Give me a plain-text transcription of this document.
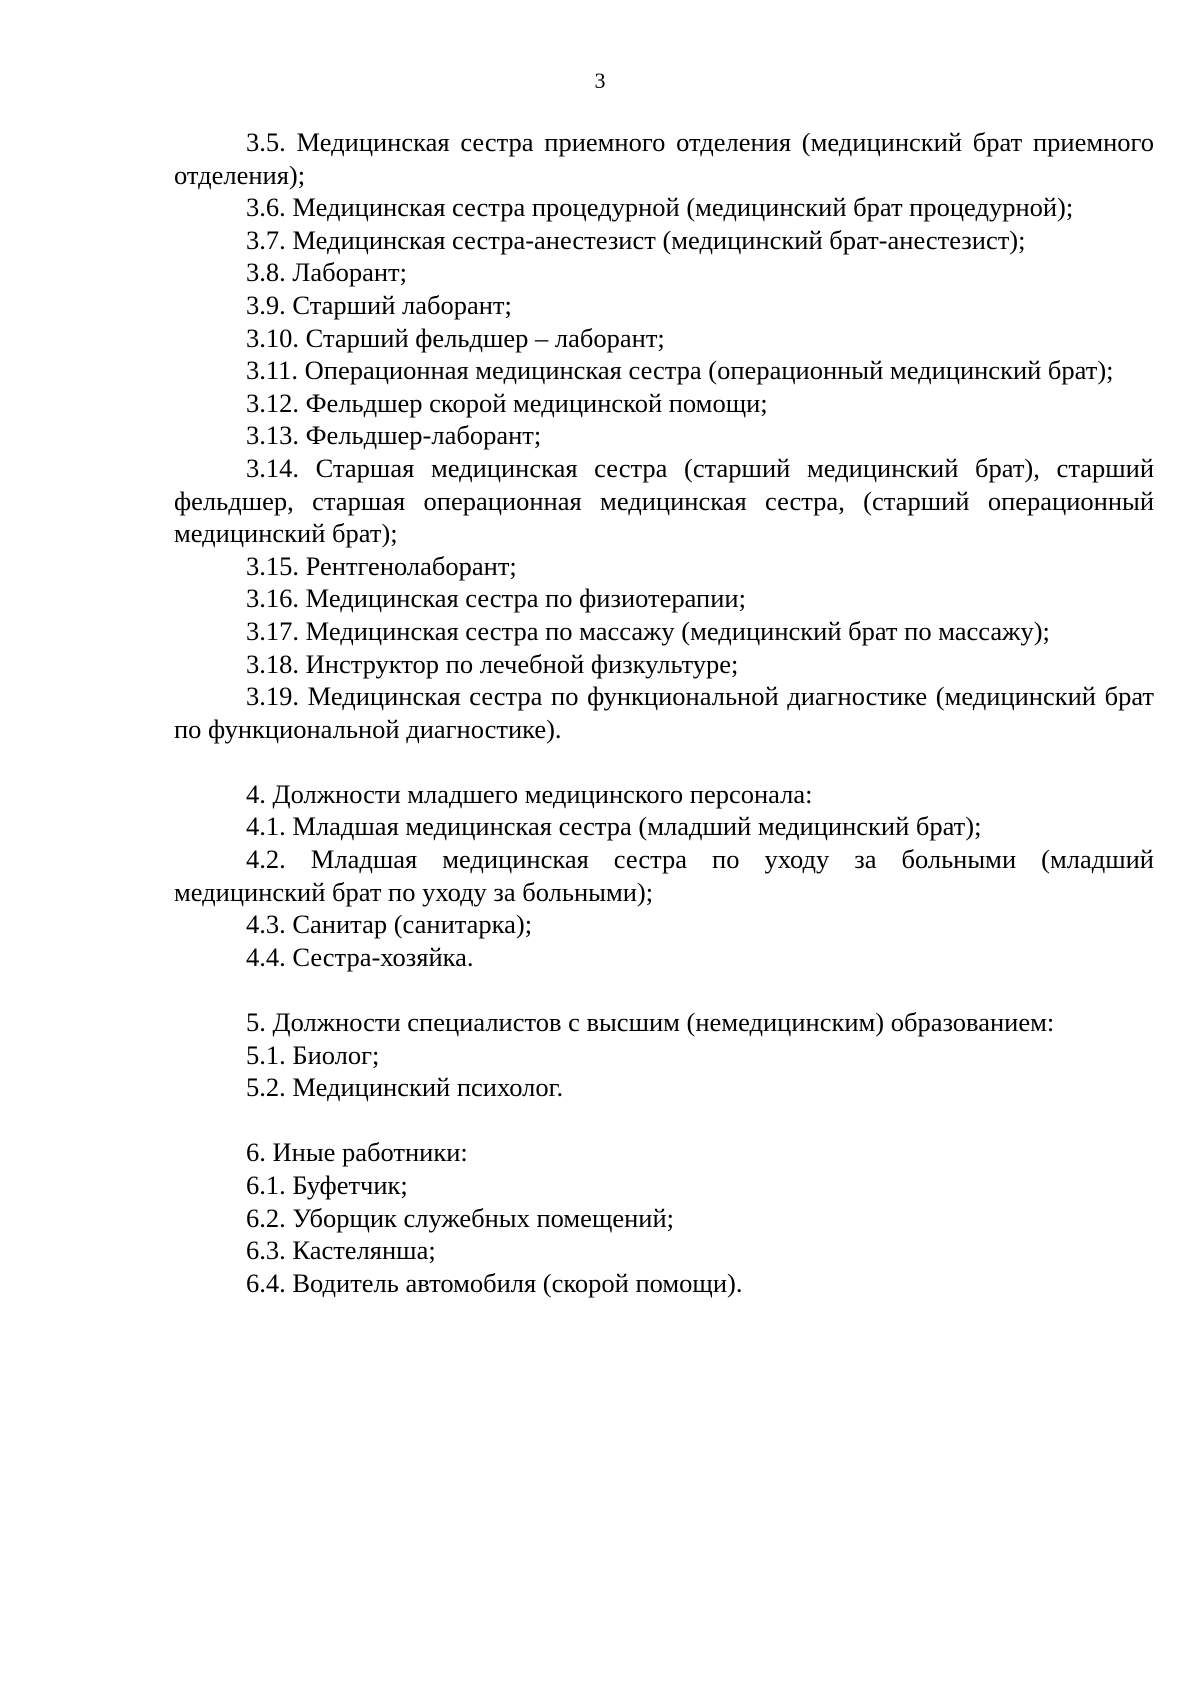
3

3.5. Медицинская сестра приемного отделения (медицинский брат приемного отделения);

3.6. Медицинская сестра процедурной (медицинский брат процедурной);

3.7. Медицинская сестра-анестезист (медицинский брат-анестезист);

3.8. Лаборант;

3.9. Старший лаборант;

3.10. Старший фельдшер – лаборант;

3.11. Операционная медицинская сестра (операционный медицинский брат);

3.12. Фельдшер скорой медицинской помощи;

3.13. Фельдшер-лаборант;

3.14. Старшая медицинская сестра (старший медицинский брат), старший фельдшер, старшая операционная медицинская сестра, (старший операционный медицинский брат);

3.15. Рентгенолаборант;

3.16. Медицинская сестра по физиотерапии;

3.17. Медицинская сестра по массажу (медицинский брат по массажу);

3.18. Инструктор по лечебной физкультуре;

3.19. Медицинская сестра по функциональной диагностике (медицинский брат по функциональной диагностике).

4. Должности младшего медицинского персонала:

4.1. Младшая медицинская сестра (младший медицинский брат);

4.2. Младшая медицинская сестра по уходу за больными (младший медицинский брат по уходу за больными);

4.3. Санитар (санитарка);

4.4. Сестра-хозяйка.

5. Должности специалистов с высшим (немедицинским) образованием:

5.1. Биолог;

5.2. Медицинский психолог.

6. Иные работники:

6.1. Буфетчик;

6.2. Уборщик служебных помещений;

6.3. Кастелянша;

6.4. Водитель автомобиля (скорой помощи).
